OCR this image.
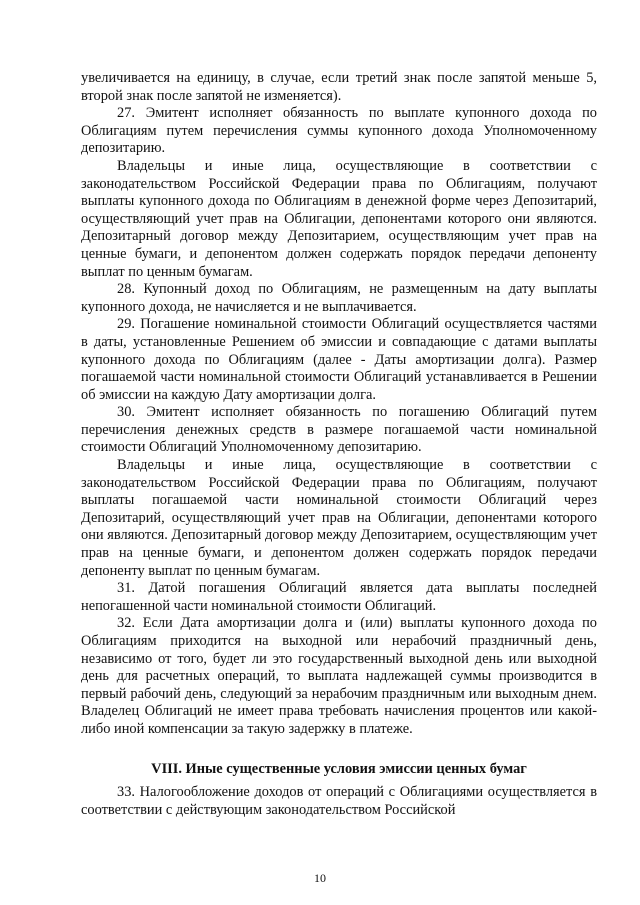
увеличивается на единицу, в случае, если третий знак после запятой меньше 5, второй знак после запятой не изменяется).

27. Эмитент исполняет обязанность по выплате купонного дохода по Облигациям путем перечисления суммы купонного дохода Уполномоченному депозитарию.

Владельцы и иные лица, осуществляющие в соответствии с законодательством Российской Федерации права по Облигациям, получают выплаты купонного дохода по Облигациям в денежной форме через Депозитарий, осуществляющий учет прав на Облигации, депонентами которого они являются. Депозитарный договор между Депозитарием, осуществляющим учет прав на ценные бумаги, и депонентом должен содержать порядок передачи депоненту выплат по ценным бумагам.

28. Купонный доход по Облигациям, не размещенным на дату выплаты купонного дохода, не начисляется и не выплачивается.

29. Погашение номинальной стоимости Облигаций осуществляется частями в даты, установленные Решением об эмиссии и совпадающие с датами выплаты купонного дохода по Облигациям (далее - Даты амортизации долга). Размер погашаемой части номинальной стоимости Облигаций устанавливается в Решении об эмиссии на каждую Дату амортизации долга.

30. Эмитент исполняет обязанность по погашению Облигаций путем перечисления денежных средств в размере погашаемой части номинальной стоимости Облигаций Уполномоченному депозитарию.

Владельцы и иные лица, осуществляющие в соответствии с законодательством Российской Федерации права по Облигациям, получают выплаты погашаемой части номинальной стоимости Облигаций через Депозитарий, осуществляющий учет прав на Облигации, депонентами которого они являются. Депозитарный договор между Депозитарием, осуществляющим учет прав на ценные бумаги, и депонентом должен содержать порядок передачи депоненту выплат по ценным бумагам.

31. Датой погашения Облигаций является дата выплаты последней непогашенной части номинальной стоимости Облигаций.

32. Если Дата амортизации долга и (или) выплаты купонного дохода по Облигациям приходится на выходной или нерабочий праздничный день, независимо от того, будет ли это государственный выходной день или выходной день для расчетных операций, то выплата надлежащей суммы производится в первый рабочий день, следующий за нерабочим праздничным или выходным днем. Владелец Облигаций не имеет права требовать начисления процентов или какой-либо иной компенсации за такую задержку в платеже.

VIII. Иные существенные условия эмиссии ценных бумаг

33. Налогообложение доходов от операций с Облигациями осуществляется в соответствии с действующим законодательством Российской

10
